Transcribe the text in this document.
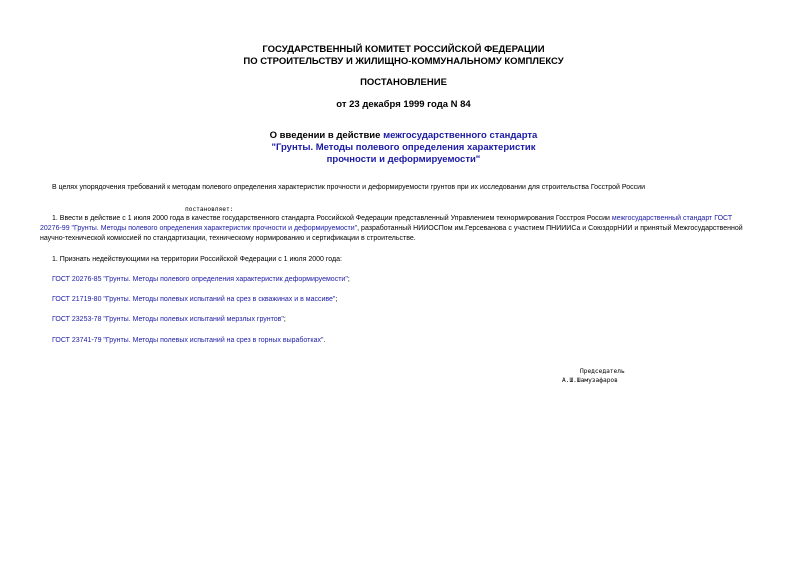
ГОСУДАРСТВЕННЫЙ КОМИТЕТ РОССИЙСКОЙ ФЕДЕРАЦИИ
ПО СТРОИТЕЛЬСТВУ И ЖИЛИЩНО-КОММУНАЛЬНОМУ КОМПЛЕКСУ
ПОСТАНОВЛЕНИЕ
от 23 декабря 1999 года N 84
О введении в действие межгосударственного стандарта
"Грунты. Методы полевого определения характеристик
прочности и деформируемости"
В целях упорядочения требований к методам полевого определения характеристик прочности и деформируемости грунтов при их исследовании для строительства Госстрой России
постановляет:
1. Ввести в действие с 1 июля 2000 года в качестве государственного стандарта Российской Федерации представленный Управлением технормирования Госстроя России межгосударственный стандарт ГОСТ
20276-99 "Грунты. Методы полевого определения характеристик прочности и деформируемости", разработанный НИИОСПом им.Герсеванова с участием ПНИИИСа и СоюздорНИИ и принятый Межгосударственной
научно-технической комиссией по стандартизации, техническому нормированию и сертификации в строительстве.
1. Признать недействующими на территории Российской Федерации с 1 июля 2000 года:
ГОСТ 20276-85 "Грунты. Методы полевого определения характеристик деформируемости";
ГОСТ 21719-80 "Грунты. Методы полевых испытаний на срез в скважинах и в массиве";
ГОСТ 23253-78 "Грунты. Методы полевых испытаний мерзлых грунтов";
ГОСТ 23741-79 "Грунты. Методы полевых испытаний на срез в горных выработках".
Председатель
А.Ш.Шамузафаров
